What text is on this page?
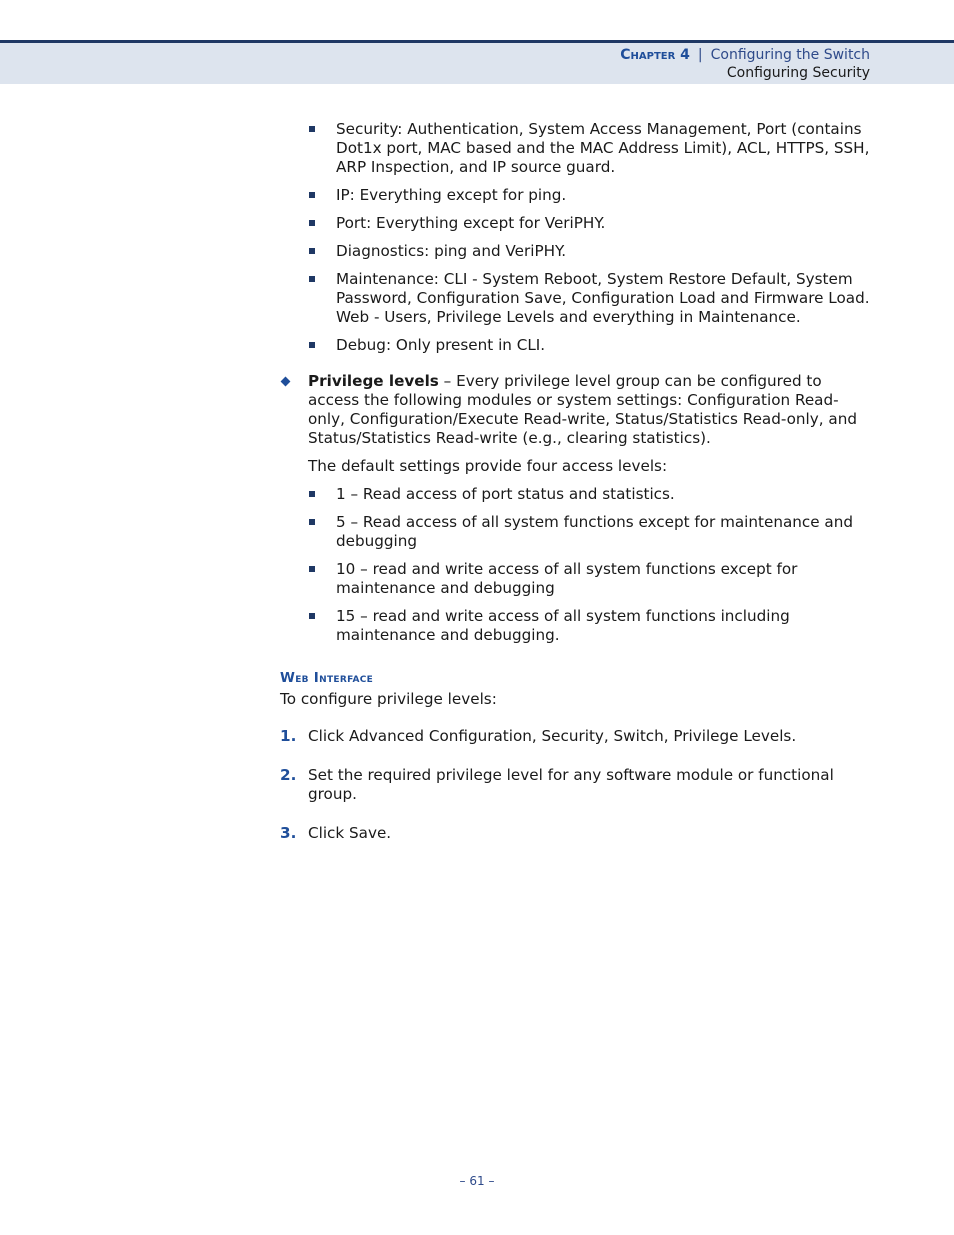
Chapter 4 | Configuring the Switch
Configuring Security
Security: Authentication, System Access Management, Port (contains Dot1x port, MAC based and the MAC Address Limit), ACL, HTTPS, SSH, ARP Inspection, and IP source guard.
IP: Everything except for ping.
Port: Everything except for VeriPHY.
Diagnostics: ping and VeriPHY.
Maintenance: CLI - System Reboot, System Restore Default, System Password, Configuration Save, Configuration Load and Firmware Load. Web - Users, Privilege Levels and everything in Maintenance.
Debug: Only present in CLI.
Privilege levels – Every privilege level group can be configured to access the following modules or system settings: Configuration Read-only, Configuration/Execute Read-write, Status/Statistics Read-only, and Status/Statistics Read-write (e.g., clearing statistics).
The default settings provide four access levels:
1 – Read access of port status and statistics.
5 – Read access of all system functions except for maintenance and debugging
10 – read and write access of all system functions except for maintenance and debugging
15 – read and write access of all system functions including maintenance and debugging.
Web Interface
To configure privilege levels:
1. Click Advanced Configuration, Security, Switch, Privilege Levels.
2. Set the required privilege level for any software module or functional group.
3. Click Save.
– 61 –
